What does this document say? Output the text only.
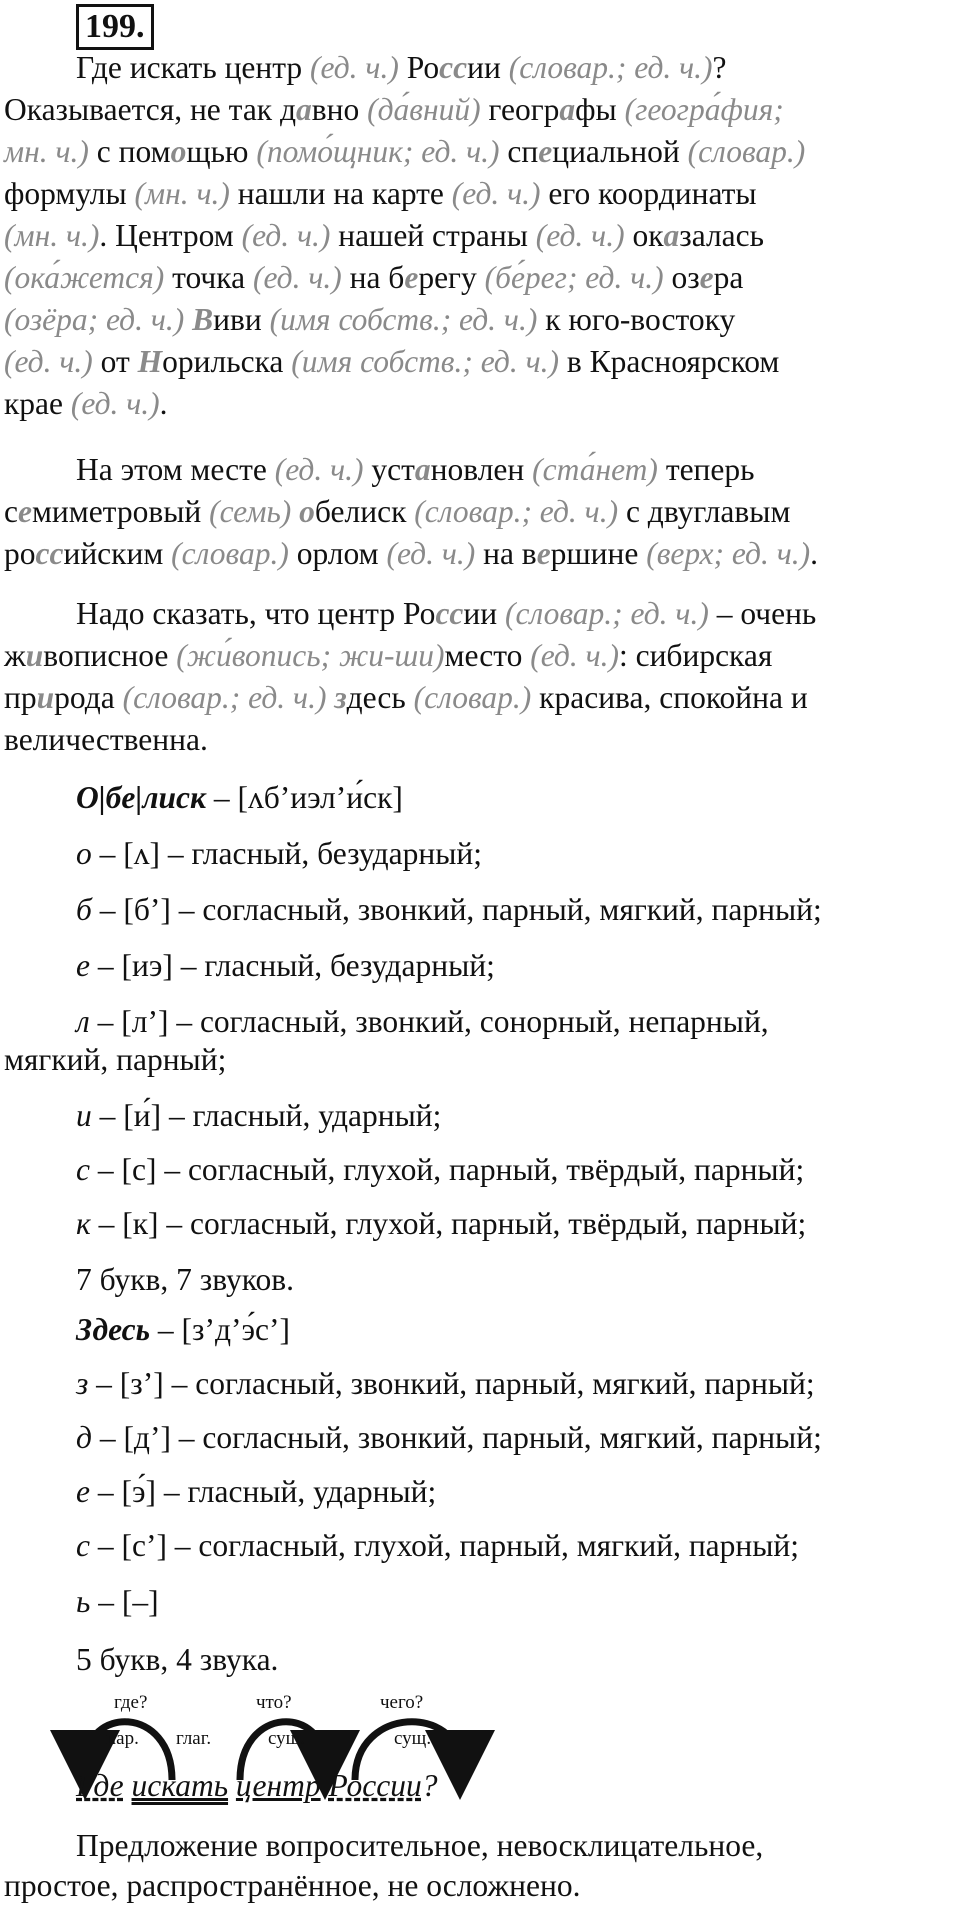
199.
Где искать центр (ед. ч.) России (словар.; ед. ч.)?
Оказывается, не так давно (да́вний) географы (геогра́фия;
мн. ч.) с помощью (помо́щник; ед. ч.) специальной (словар.)
формулы (мн. ч.) нашли на карте (ед. ч.) его координаты
(мн. ч.). Центром (ед. ч.) нашей страны (ед. ч.) оказалась
(ока́жется) точка (ед. ч.) на берегу (бе́рег; ед. ч.) озера
(озёра; ед. ч.) Виви (имя собств.; ед. ч.) к юго-востоку
(ед. ч.) от Норильска (имя собств.; ед. ч.) в Красноярском
крае (ед. ч.).
На этом месте (ед. ч.) установлен (ста́нет) теперь
семиметровый (семь) обелиск (словар.; ед. ч.) с двуглавым
российским (словар.) орлом (ед. ч.) на вершине (верх; ед. ч.).
Надо сказать, что центр России (словар.; ед. ч.) – очень
живописное (жи́вопись; жи-ши)место (ед. ч.): сибирская
природа (словар.; ед. ч.) здесь (словар.) красива, спокойна и
величественна.
О|бе|лиск – [ʌб’иэл’и́ск]
о – [ʌ] – гласный, безударный;
б – [б’] – согласный, звонкий, парный, мягкий, парный;
е – [иэ] – гласный, безударный;
л – [л’] – согласный, звонкий, сонорный, непарный,
мягкий, парный;
и – [и́] – гласный, ударный;
с – [с] – согласный, глухой, парный, твёрдый, парный;
к – [к] – согласный, глухой, парный, твёрдый, парный;
7 букв, 7 звуков.
Здесь – [з’д’э́с’]
з – [з’] – согласный, звонкий, парный, мягкий, парный;
д – [д’] – согласный, звонкий, парный, мягкий, парный;
е – [э́] – гласный, ударный;
с – [с’] – согласный, глухой, парный, мягкий, парный;
ь – [–]
5 букв, 4 звука.
где?	что?	чего?
нар. глаг.	сущ.	сущ.
Где искать центр России?
Предложение вопросительное, невосклицательное,
простое, распространённое, не осложнено.
